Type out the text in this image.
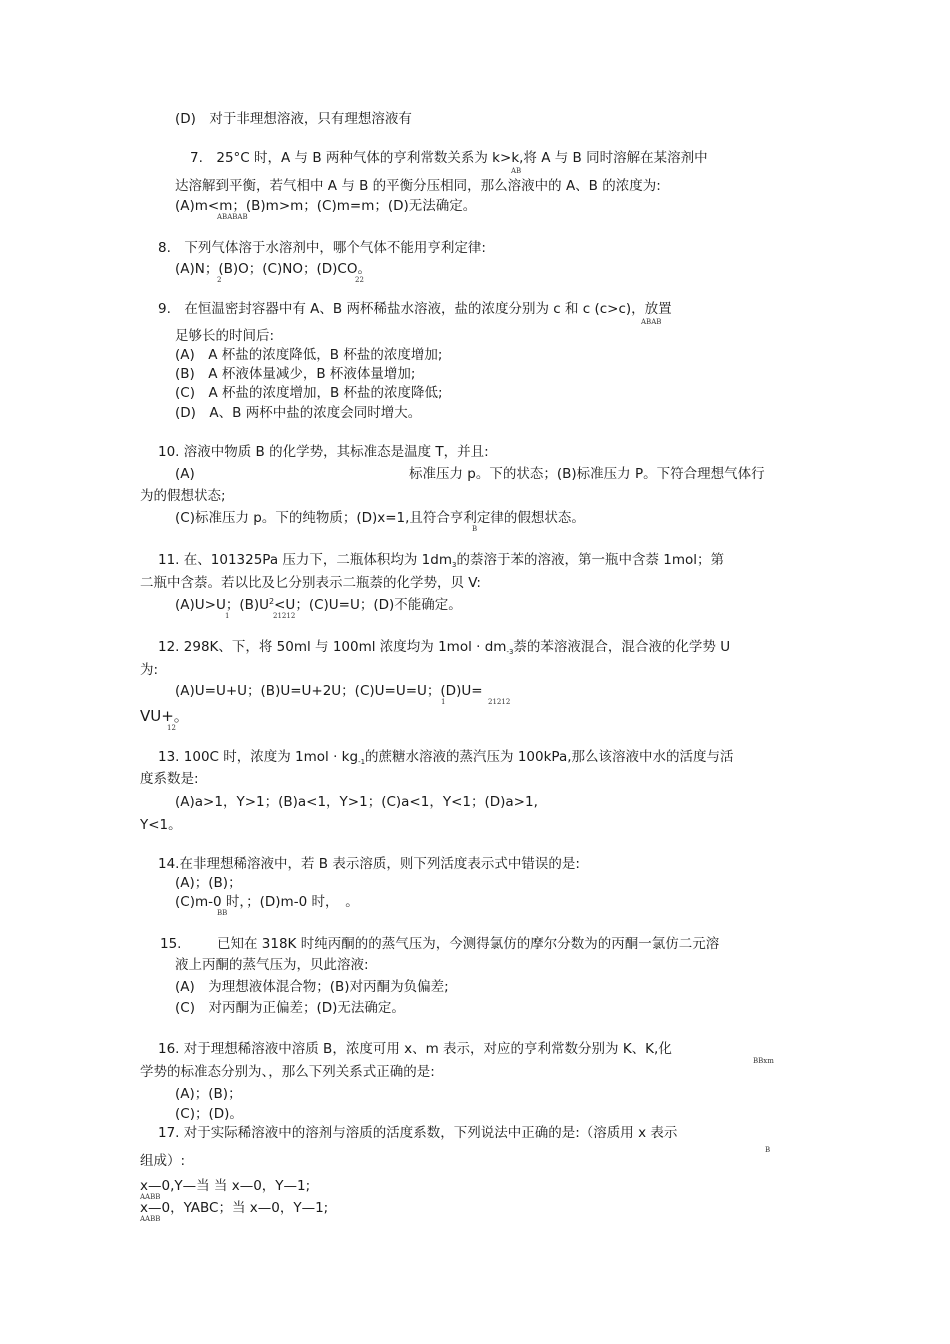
(D)　对于非理想溶液，只有理想溶液有
7.　25°C 时，A 与 B 两种气体的亨利常数关系为 k>k,将 A 与 B 同时溶解在某溶剂中
AB
达溶解到平衡，若气相中 A 与 B 的平衡分压相同，那么溶液中的 A、B 的浓度为:
(A)m<m；(B)m>m；(C)m=m；(D)无法确定。
ABABAB
8.　下列气体溶于水溶剂中，哪个气体不能用亨利定律:
(A)N；(B)O；(C)NO；(D)CO。
2	22
9.　在恒温密封容器中有 A、B 两杯稀盐水溶液，盐的浓度分别为 c 和 c (c>c)，放置
ABAB
足够长的时间后:
(A)　A 杯盐的浓度降低，B 杯盐的浓度增加;
(B)　A 杯液体量减少，B 杯液体量增加;
(C)　A 杯盐的浓度增加，B 杯盐的浓度降低;
(D)　A、B 两杯中盐的浓度会同时增大。
10. 溶液中物质 B 的化学势，其标准态是温度 T，并且:
(A)	标准压力 p。下的状态；(B)标准压力 P。下符合理想气体行
为的假想状态;
(C)标准压力 p。下的纯物质；(D)x=1,且符合亨利定律的假想状态。
B
11. 在、101325Pa 压力下，二瓶体积均为 $1dm_3$的萘溶于苯的溶液，第一瓶中含萘 1mol；第
二瓶中含萘。若以比及匕分别表示二瓶萘的化学势，贝 V:
(A)U>U；$(B)U^2<U$；(C)U=U；(D)不能确定。
1	21212
12. 298K、下，将 50ml 与 100ml 浓度均为 $1mol \cdot dm_{-3}$萘的苯溶液混合，混合液的化学势 U
为:
(A)U=U+U；(B)U=U+2U；(C)U=U=U；(D)U=
1	21212
VU+。
12
13. 100C 时，浓度为 $1mol \cdot kg_{-1}$的蔗糖水溶液的蒸汽压为 100kPa,那么该溶液中水的活度与活
度系数是:
(A)a>1，Y>1；(B)a<1，Y>1；(C)a<1，Y<1；(D)a>1,
Y<1。
14.在非理想稀溶液中，若 B 表示溶质，则下列活度表示式中错误的是:
(A)；(B)；
(C)m-0 时，；(D)m-0 时，　。
BB
15.	已知在 318K 时纯丙酮的的蒸气压为，今测得氯仿的摩尔分数为的丙酮一氯仿二元溶
液上丙酮的蒸气压为，贝此溶液:
(A)　为理想液体混合物；(B)对丙酮为负偏差;
(C)　对丙酮为正偏差；(D)无法确定。
16. 对于理想稀溶液中溶质 B，浓度可用 x、m 表示，对应的亨利常数分别为 K、K,化
BBxm
学势的标准态分别为、，那么下列关系式正确的是:
(A)；(B)；
(C)；(D)。
17. 对于实际稀溶液中的溶剂与溶质的活度系数，下列说法中正确的是:（溶质用 x 表示
B
组成）:
x—0,Y—当 当 x—0，Y—1;
AABB
x—0，YABC；当 x—0，Y—1;
AABB
